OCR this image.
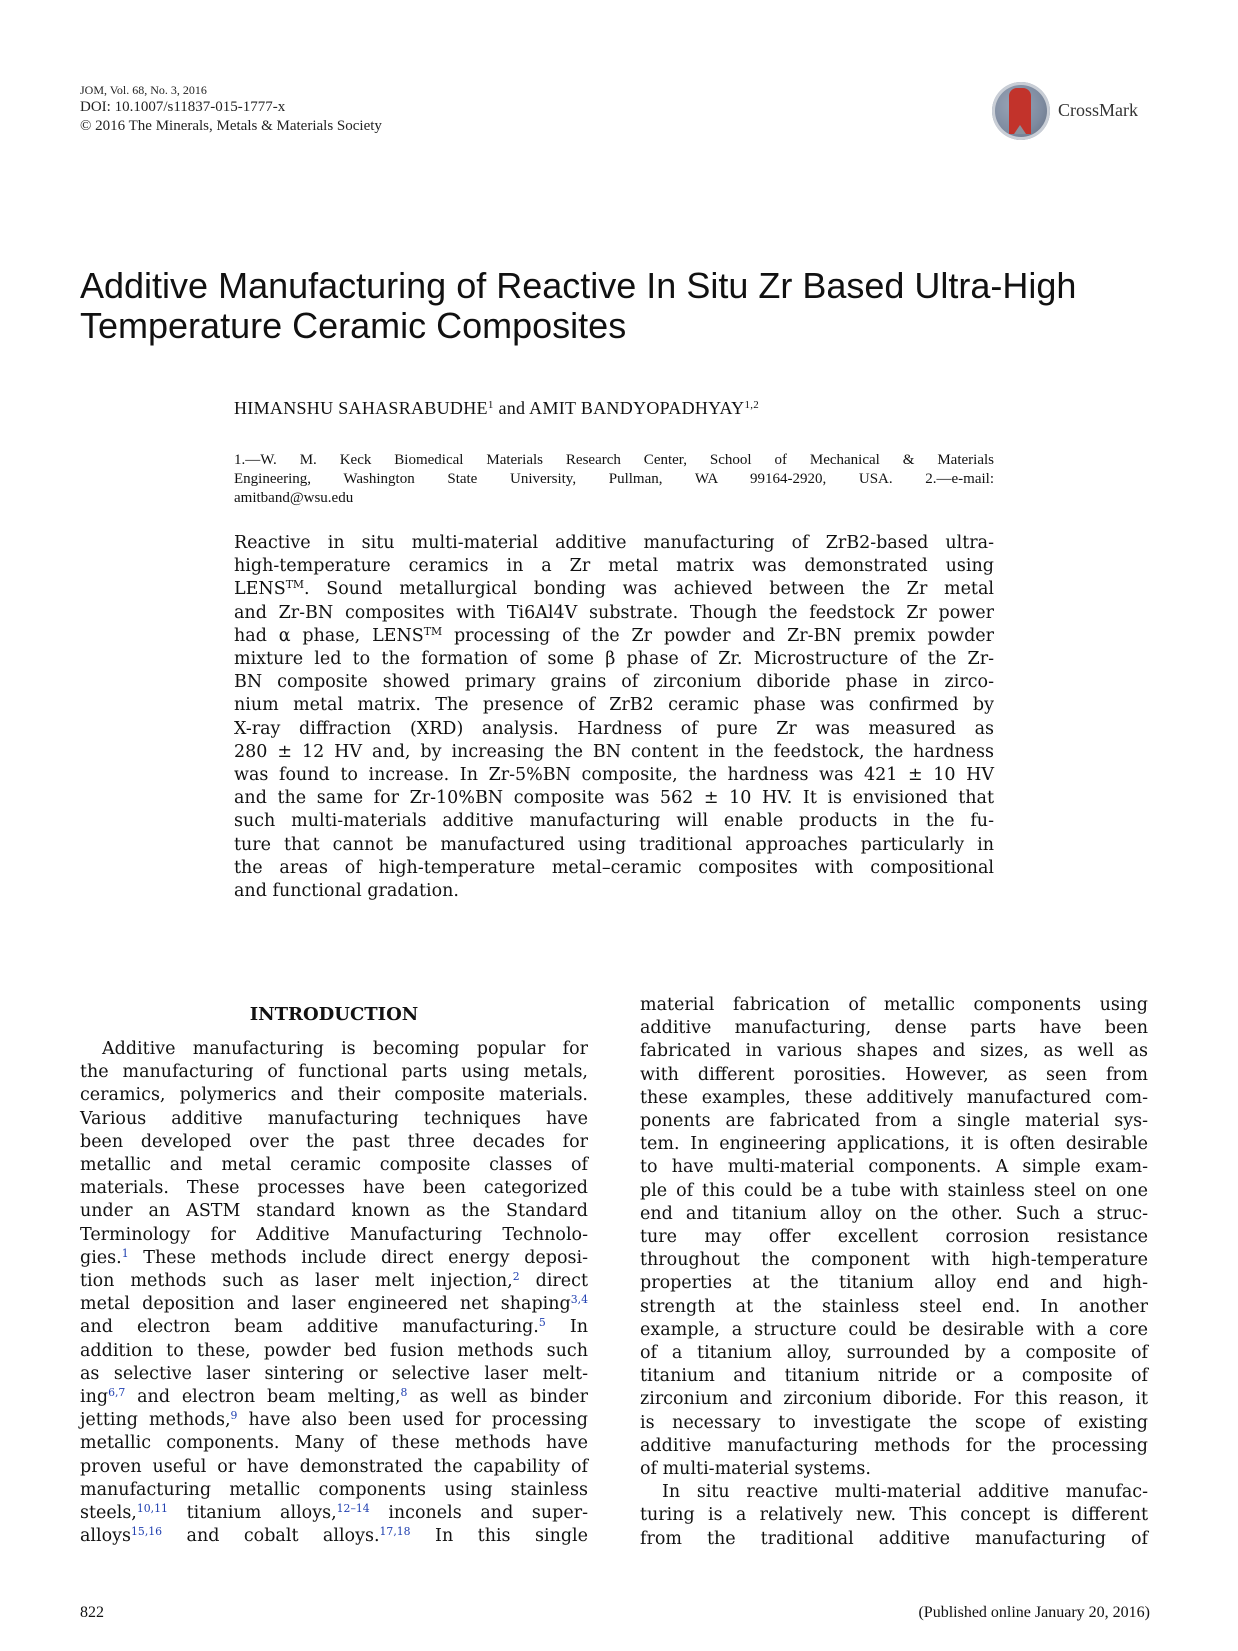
JOM, Vol. 68, No. 3, 2016
DOI: 10.1007/s11837-015-1777-x
© 2016 The Minerals, Metals & Materials Society
CrossMark
Additive Manufacturing of Reactive In Situ Zr Based Ultra-High
Temperature Ceramic Composites
HIMANSHU SAHASRABUDHE$^1$ and AMIT BANDYOPADHYAY$^{1,2}$
1.—W. M. Keck Biomedical Materials Research Center, School of Mechanical & Materials
Engineering, Washington State University, Pullman, WA 99164-2920, USA. 2.—e-mail:
amitband@wsu.edu
Reactive in situ multi-material additive manufacturing of ZrB2-based ultra-
high-temperature ceramics in a Zr metal matrix was demonstrated using
LENS™. Sound metallurgical bonding was achieved between the Zr metal
and Zr-BN composites with Ti6Al4V substrate. Though the feedstock Zr power
had α phase, LENS™ processing of the Zr powder and Zr-BN premix powder
mixture led to the formation of some β phase of Zr. Microstructure of the Zr-
BN composite showed primary grains of zirconium diboride phase in zirco-
nium metal matrix. The presence of ZrB2 ceramic phase was confirmed by
X-ray diffraction (XRD) analysis. Hardness of pure Zr was measured as
280 ± 12 HV and, by increasing the BN content in the feedstock, the hardness
was found to increase. In Zr-5%BN composite, the hardness was 421 ± 10 HV
and the same for Zr-10%BN composite was 562 ± 10 HV. It is envisioned that
such multi-materials additive manufacturing will enable products in the fu-
ture that cannot be manufactured using traditional approaches particularly in
the areas of high-temperature metal–ceramic composites with compositional
and functional gradation.
INTRODUCTION
Additive manufacturing is becoming popular for
the manufacturing of functional parts using metals,
ceramics, polymerics and their composite materials.
Various additive manufacturing techniques have
been developed over the past three decades for
metallic and metal ceramic composite classes of
materials. These processes have been categorized
under an ASTM standard known as the Standard
Terminology for Additive Manufacturing Technolo-
gies.$^1$ These methods include direct energy deposi-
tion methods such as laser melt injection,$^2$ direct
metal deposition and laser engineered net shaping$^{3,4}$
and electron beam additive manufacturing.$^5$ In
addition to these, powder bed fusion methods such
as selective laser sintering or selective laser melt-
ing$^{6,7}$ and electron beam melting,$^8$ as well as binder
jetting methods,$^9$ have also been used for processing
metallic components. Many of these methods have
proven useful or have demonstrated the capability of
manufacturing metallic components using stainless
steels,$^{10,11}$ titanium alloys,$^{12-14}$ inconels and super-
alloys$^{15,16}$ and cobalt alloys.$^{17,18}$ In this single
material fabrication of metallic components using
additive manufacturing, dense parts have been
fabricated in various shapes and sizes, as well as
with different porosities. However, as seen from
these examples, these additively manufactured com-
ponents are fabricated from a single material sys-
tem. In engineering applications, it is often desirable
to have multi-material components. A simple exam-
ple of this could be a tube with stainless steel on one
end and titanium alloy on the other. Such a struc-
ture may offer excellent corrosion resistance
throughout the component with high-temperature
properties at the titanium alloy end and high-
strength at the stainless steel end. In another
example, a structure could be desirable with a core
of a titanium alloy, surrounded by a composite of
titanium and titanium nitride or a composite of
zirconium and zirconium diboride. For this reason, it
is necessary to investigate the scope of existing
additive manufacturing methods for the processing
of multi-material systems.
In situ reactive multi-material additive manufac-
turing is a relatively new. This concept is different
from the traditional additive manufacturing of
822	(Published online January 20, 2016)
